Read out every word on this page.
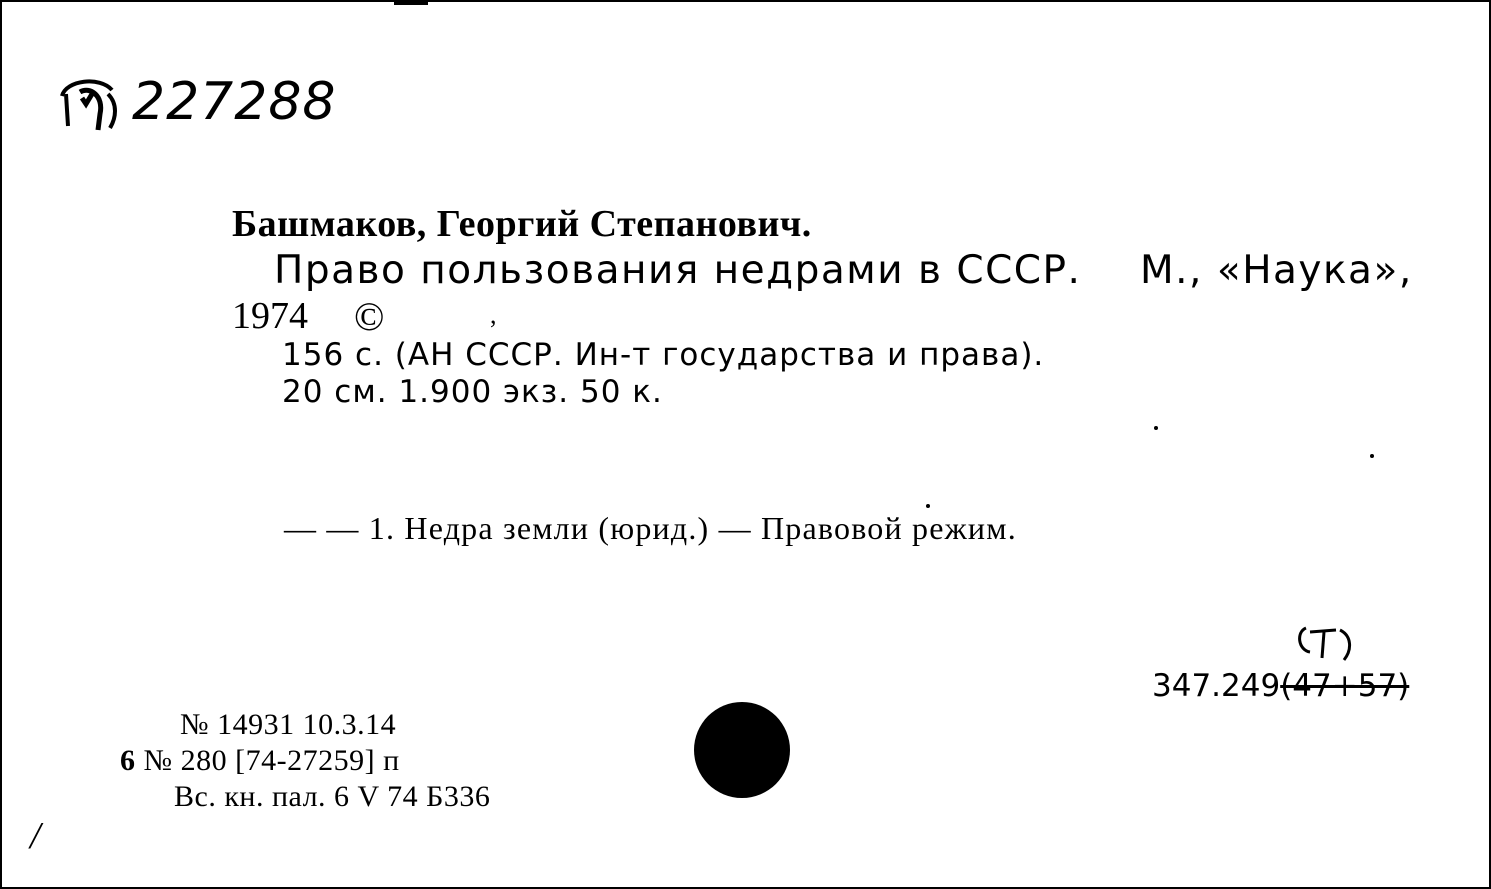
227288
Башмаков, Георгий Степанович.
Право пользования недрами в СССР. М., «Наука»,
1974 ©	,
156 с. (АН СССР. Ин-т государства и права).
20 см. 1.900 экз. 50 к.
— — 1. Недра земли (юрид.) — Правовой режим.
347.249(47+57)
№ 14931 10.3.14
6 № 280 [74-27259] п
Вс. кн. пал. 6 V 74 Б336
/
